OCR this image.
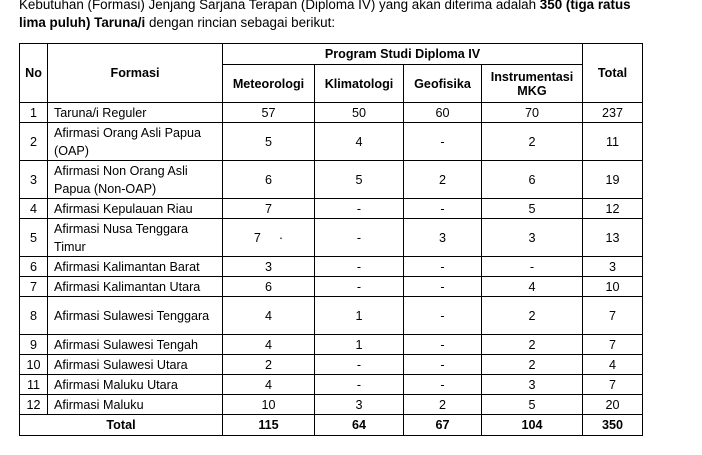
Kebutuhan (Formasi) Jenjang Sarjana Terapan (Diploma IV) yang akan diterima adalah 350 (tiga ratus lima puluh) Taruna/i dengan rincian sebagai berikut:
No	Formasi	Program Studi Diploma IV				Total
		Meteorologi	Klimatologi	Geofisika	Instrumentasi MKG	
1	Taruna/i Reguler	57	50	60	70	237
2	Afirmasi Orang Asli Papua (OAP)	5	4	-	2	11
3	Afirmasi Non Orang Asli Papua (Non-OAP)	6	5	2	6	19
4	Afirmasi Kepulauan Riau	7	-	-	5	12
5	Afirmasi Nusa Tenggara Timur	7 ·	-	3	3	13
6	Afirmasi Kalimantan Barat	3	-	-	-	3
7	Afirmasi Kalimantan Utara	6	-	-	4	10
8	Afirmasi Sulawesi Tenggara	4	1	-	2	7
9	Afirmasi Sulawesi Tengah	4	1	-	2	7
10	Afirmasi Sulawesi Utara	2	-	-	2	4
11	Afirmasi Maluku Utara	4	-	-	3	7
12	Afirmasi Maluku	10	3	2	5	20
Total		115	64	67	104	350
